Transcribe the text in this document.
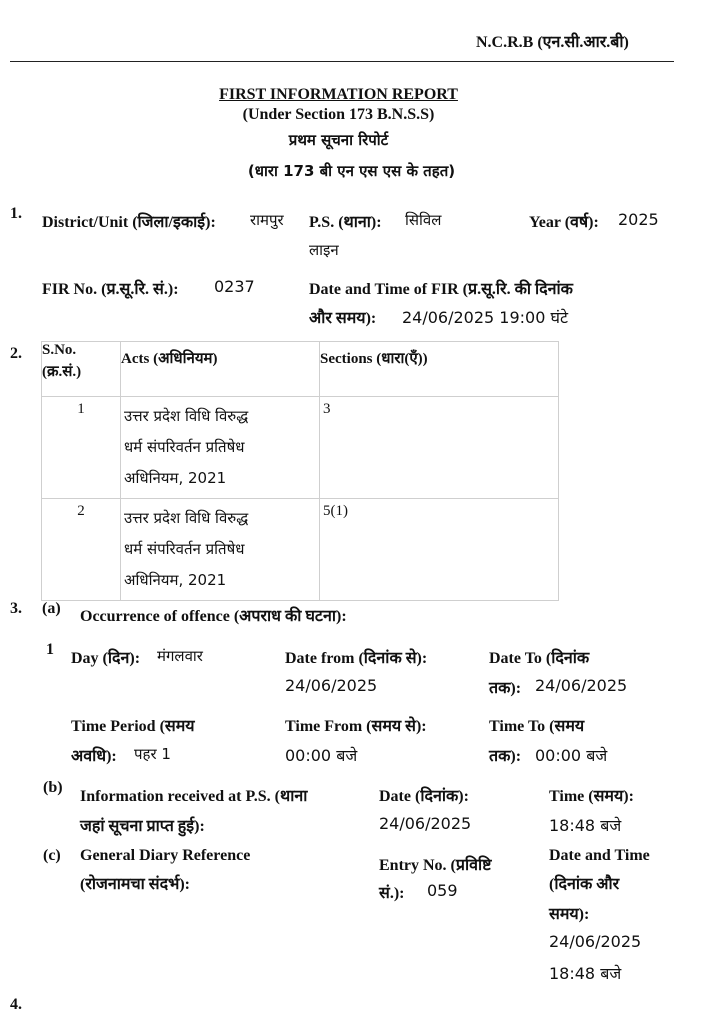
N.C.R.B (एन.सी.आर.बी)
FIRST INFORMATION REPORT
(Under Section 173 B.N.S.S)
प्रथम सूचना रिपोर्ट
(धारा 173 बी एन एस एस के तहत)
1.
District/Unit (जिला/इकाई): रामपुर P.S. (थाना): सिविल
लाइन
Year (वर्ष): 2025
FIR No. (प्र.सू.रि. सं.): 0237	Date and Time of FIR (प्र.सू.रि. की दिनांक
और समय): 24/06/2025 19:00 घंटे
2. S.No.
(क्र.सं.)	Acts (अधिनियम)	Sections (धारा(एँ))

1	उत्तर प्रदेश विधि विरुद्ध
धर्म संपरिवर्तन प्रतिषेध
अधिनियम, 2021	3
2	उत्तर प्रदेश विधि विरुद्ध
धर्म संपरिवर्तन प्रतिषेध
अधिनियम, 2021	5(1)
3. (a) Occurrence of offence (अपराध की घटना):
1
Day (दिन): मंगलवार	Date from (दिनांक से):
24/06/2025
Date To (दिनांक
तक): 24/06/2025
Time Period (समय
अवधि): पहर 1
Time From (समय से):
00:00 बजे
Time To (समय
तक): 00:00 बजे
(b)
Information received at P.S. (थाना
जहां सूचना प्राप्त हुई):
Date (दिनांक):
24/06/2025
Time (समय):
18:48 बजे
(c) General Diary Reference
(रोजनामचा संदर्भ):
Entry No. (प्रविष्टि
सं.): 059
Date and Time
(दिनांक और
समय):
24/06/2025
18:48 बजे
4.
